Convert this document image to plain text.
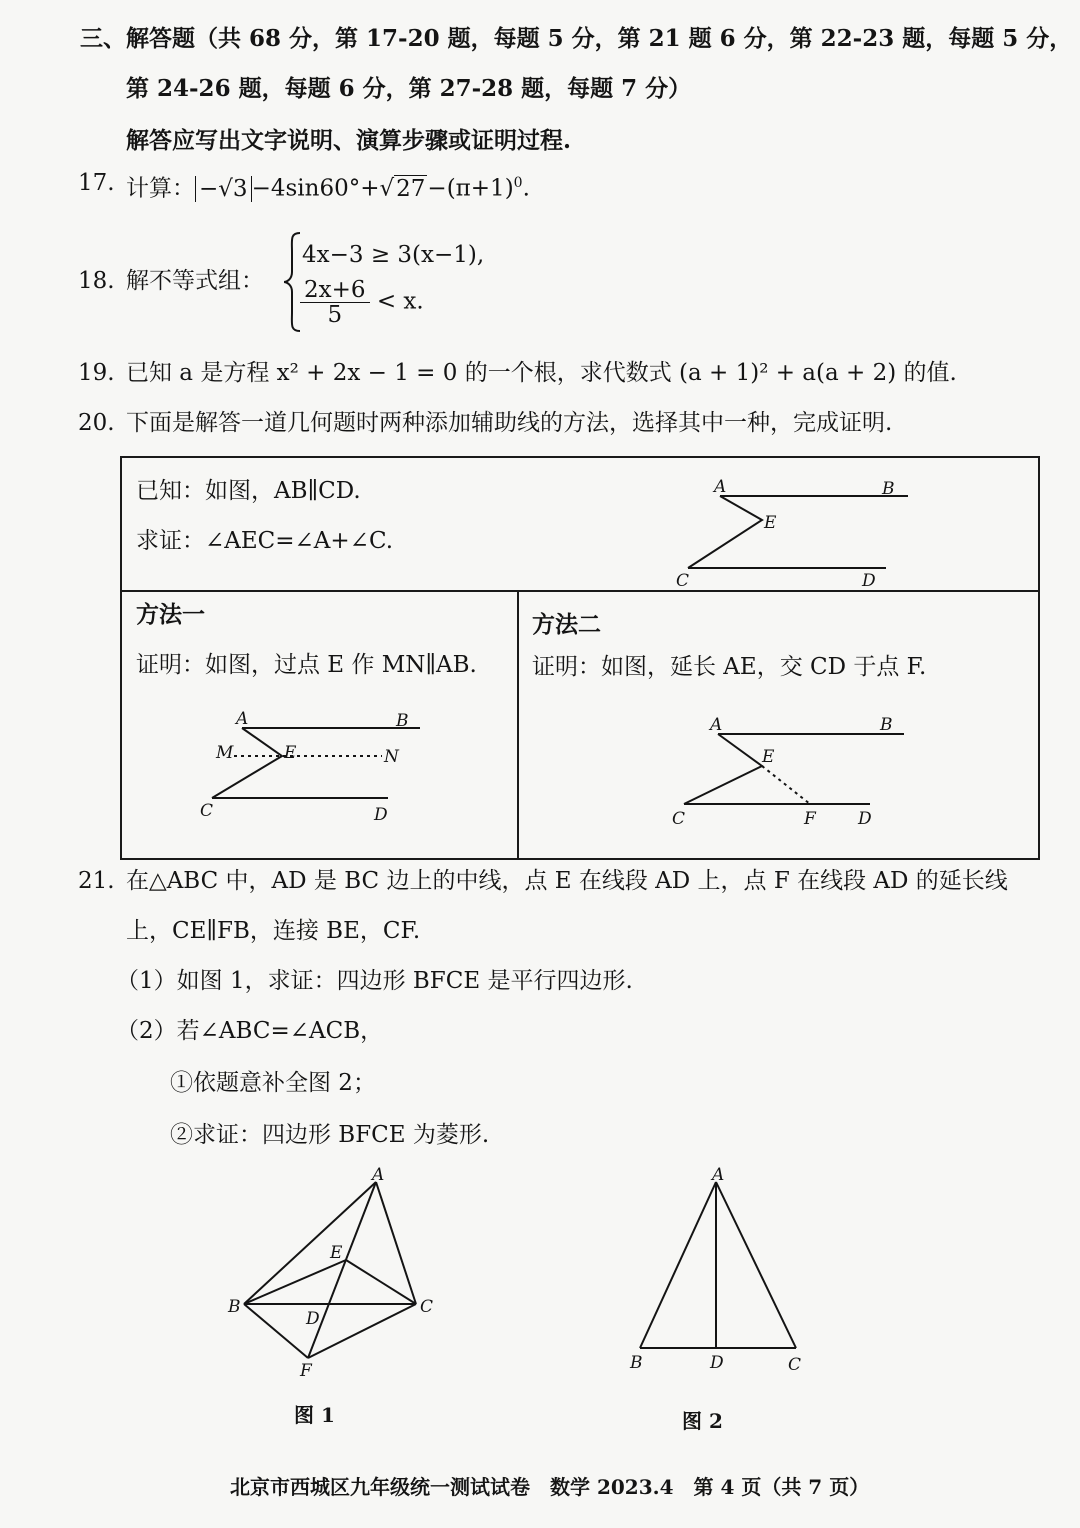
三、解答题（共 68 分，第 17-20 题，每题 5 分，第 21 题 6 分，第 22-23 题，每题 5 分，
第 24-26 题，每题 6 分，第 27-28 题，每题 7 分）
解答应写出文字说明、演算步骤或证明过程.
17. 计算： $-√3 -4\sin 60^\circ+√27-(\pi+1)^0$.
18. 解不等式组：
4x−3 ≥ 3(x−1),
$\frac{2x+6}{5} < x$.
19. 已知 a 是方程 x² + 2x − 1 = 0 的一个根，求代数式 (a + 1)² + a(a + 2) 的值.
20. 下面是解答一道几何题时两种添加辅助线的方法，选择其中一种，完成证明.
已知：如图，AB∥CD.
求证：∠AEC=∠A+∠C.
A	B
E
C	D
方法一
证明：如图，过点 E 作 MN∥AB.
A	B
M	E	N
C	D
方法二
证明：如图，延长 AE，交 CD 于点 F.
A	B
E
C	F D
21. 在△ABC 中，AD 是 BC 边上的中线，点 E 在线段 AD 上，点 F 在线段 AD 的延长线
上，CE∥FB，连接 BE，CF.
（1）如图 1，求证：四边形 BFCE 是平行四边形.
（2）若∠ABC=∠ACB，
①依题意补全图 2；
②求证：四边形 BFCE 为菱形.
A
E
B
D
C
F
图 1
A
B	D	C
图 2
北京市西城区九年级统一测试试卷　数学 2023.4　第 4 页（共 7 页）
